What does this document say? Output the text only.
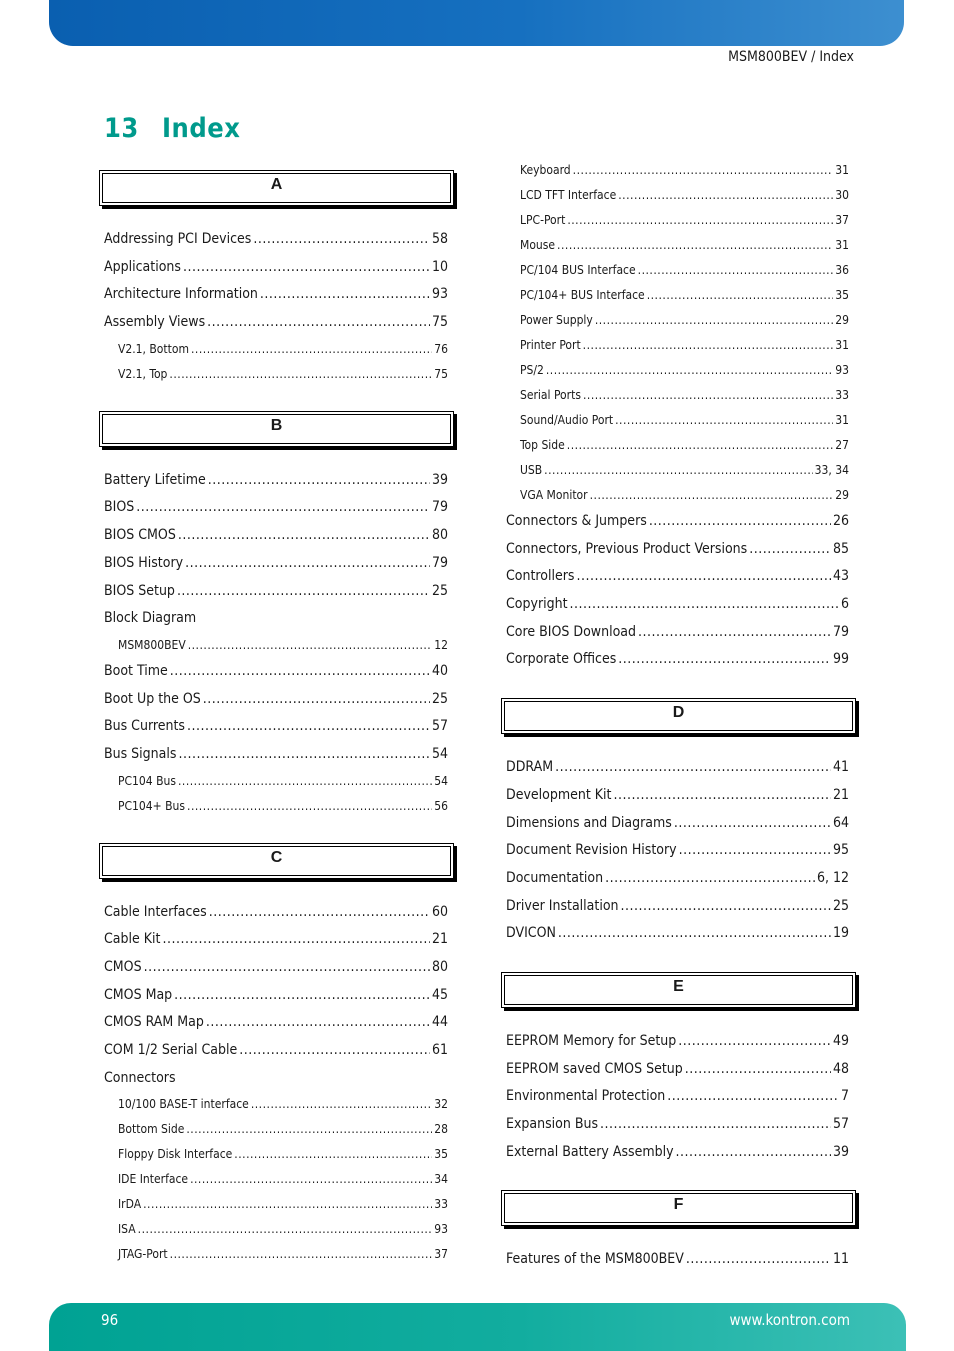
MSM800BEV / Index
13 Index
A
Addressing PCI Devices .....	58
Applications .....	10
Architecture Information .....	93
Assembly Views .....	75
V2.1, Bottom .....	76
V2.1, Top .....	75
B
Battery Lifetime .....	39
BIOS .....	79
BIOS CMOS .....	80
BIOS History .....	79
BIOS Setup .....	25
Block Diagram
MSM800BEV .....	12
Boot Time .....	40
Boot Up the OS .....	25
Bus Currents .....	57
Bus Signals .....	54
PC104 Bus .....	54
PC104+ Bus .....	56
C
Cable Interfaces .....	60
Cable Kit .....	21
CMOS .....	80
CMOS Map .....	45
CMOS RAM Map .....	44
COM 1/2 Serial Cable .....	61
Connectors
10/100 BASE-T interface .....	32
Bottom Side .....	28
Floppy Disk Interface .....	35
IDE Interface .....	34
IrDA .....	33
ISA .....	93
JTAG-Port .....	37
Keyboard .....	31
LCD TFT Interface .....	30
LPC-Port .....	37
Mouse .....	31
PC/104 BUS Interface .....	36
PC/104+ BUS Interface .....	35
Power Supply .....	29
Printer Port .....	31
PS/2 .....	93
Serial Ports .....	33
Sound/Audio Port .....	31
Top Side .....	27
USB .....	33, 34
VGA Monitor .....	29
Connectors & Jumpers .....	26
Connectors, Previous Product Versions .....	85
Controllers .....	43
Copyright .....	6
Core BIOS Download .....	79
Corporate Offices .....	99
D
DDRAM .....	41
Development Kit .....	21
Dimensions and Diagrams .....	64
Document Revision History .....	95
Documentation .....	6, 12
Driver Installation .....	25
DVICON .....	19
E
EEPROM Memory for Setup .....	49
EEPROM saved CMOS Setup .....	48
Environmental Protection .....	7
Expansion Bus .....	57
External Battery Assembly .....	39
F
Features of the MSM800BEV .....	11
96	www.kontron.com
